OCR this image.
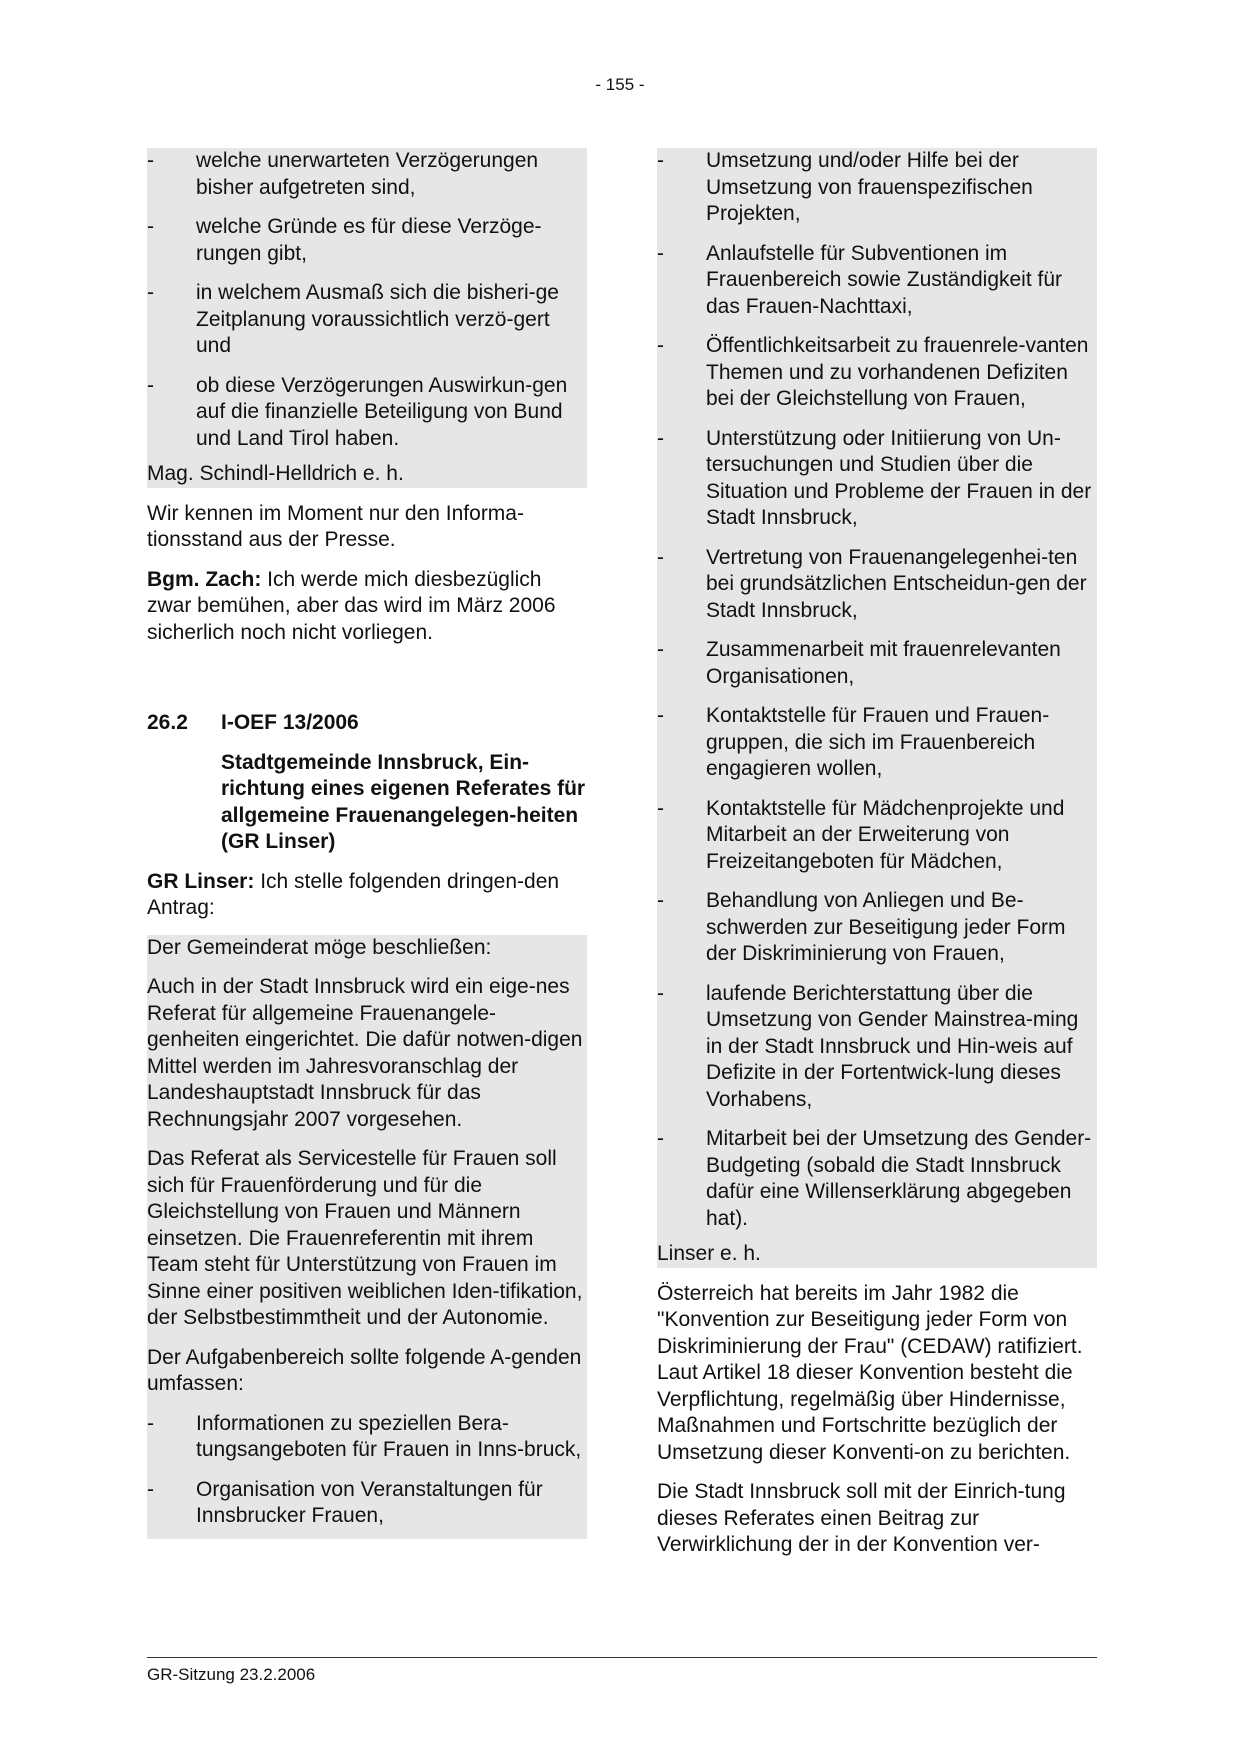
- 155 -
- welche unerwarteten Verzögerungen bisher aufgetreten sind,
- welche Gründe es für diese Verzöge-rungen gibt,
- in welchem Ausmaß sich die bisheri-ge Zeitplanung voraussichtlich verzö-gert und
- ob diese Verzögerungen Auswirkun-gen auf die finanzielle Beteiligung von Bund und Land Tirol haben.

Mag. Schindl-Helldrich e. h.

Wir kennen im Moment nur den Informa-tionsstand aus der Presse.

Bgm. Zach: Ich werde mich diesbezüglich zwar bemühen, aber das wird im März 2006 sicherlich noch nicht vorliegen.

26.2	I-OEF 13/2006

Stadtgemeinde Innsbruck, Ein-richtung eines eigenen Referates für allgemeine Frauenangelegen-heiten (GR Linser)

GR Linser: Ich stelle folgenden dringen-den Antrag:

Der Gemeinderat möge beschließen:

Auch in der Stadt Innsbruck wird ein eige-nes Referat für allgemeine Frauenangele-genheiten eingerichtet. Die dafür notwen-digen Mittel werden im Jahresvoranschlag der Landeshauptstadt Innsbruck für das Rechnungsjahr 2007 vorgesehen.

Das Referat als Servicestelle für Frauen soll sich für Frauenförderung und für die Gleichstellung von Frauen und Männern einsetzen. Die Frauenreferentin mit ihrem Team steht für Unterstützung von Frauen im Sinne einer positiven weiblichen Iden-tifikation, der Selbstbestimmtheit und der Autonomie.

Der Aufgabenbereich sollte folgende A-genden umfassen:

- Informationen zu speziellen Bera-tungsangeboten für Frauen in Inns-bruck,
- Organisation von Veranstaltungen für Innsbrucker Frauen,
- Umsetzung und/oder Hilfe bei der Umsetzung von frauenspezifischen Projekten,
- Anlaufstelle für Subventionen im Frauenbereich sowie Zuständigkeit für das Frauen-Nachttaxi,
- Öffentlichkeitsarbeit zu frauenrele-vanten Themen und zu vorhandenen Defiziten bei der Gleichstellung von Frauen,
- Unterstützung oder Initiierung von Un-tersuchungen und Studien über die Situation und Probleme der Frauen in der Stadt Innsbruck,
- Vertretung von Frauenangelegenhei-ten bei grundsätzlichen Entscheidun-gen der Stadt Innsbruck,
- Zusammenarbeit mit frauenrelevanten Organisationen,
- Kontaktstelle für Frauen und Frauen-gruppen, die sich im Frauenbereich engagieren wollen,
- Kontaktstelle für Mädchenprojekte und Mitarbeit an der Erweiterung von Freizeitangeboten für Mädchen,
- Behandlung von Anliegen und Be-schwerden zur Beseitigung jeder Form der Diskriminierung von Frauen,
- laufende Berichterstattung über die Umsetzung von Gender Mainstrea-ming in der Stadt Innsbruck und Hin-weis auf Defizite in der Fortentwick-lung dieses Vorhabens,
- Mitarbeit bei der Umsetzung des Gender-Budgeting (sobald die Stadt Innsbruck dafür eine Willenserklärung abgegeben hat).

Linser e. h.

Österreich hat bereits im Jahr 1982 die "Konvention zur Beseitigung jeder Form von Diskriminierung der Frau" (CEDAW) ratifiziert. Laut Artikel 18 dieser Konvention besteht die Verpflichtung, regelmäßig über Hindernisse, Maßnahmen und Fortschritte bezüglich der Umsetzung dieser Konventi-on zu berichten.

Die Stadt Innsbruck soll mit der Einrich-tung dieses Referates einen Beitrag zur Verwirklichung der in der Konvention ver-

GR-Sitzung 23.2.2006
